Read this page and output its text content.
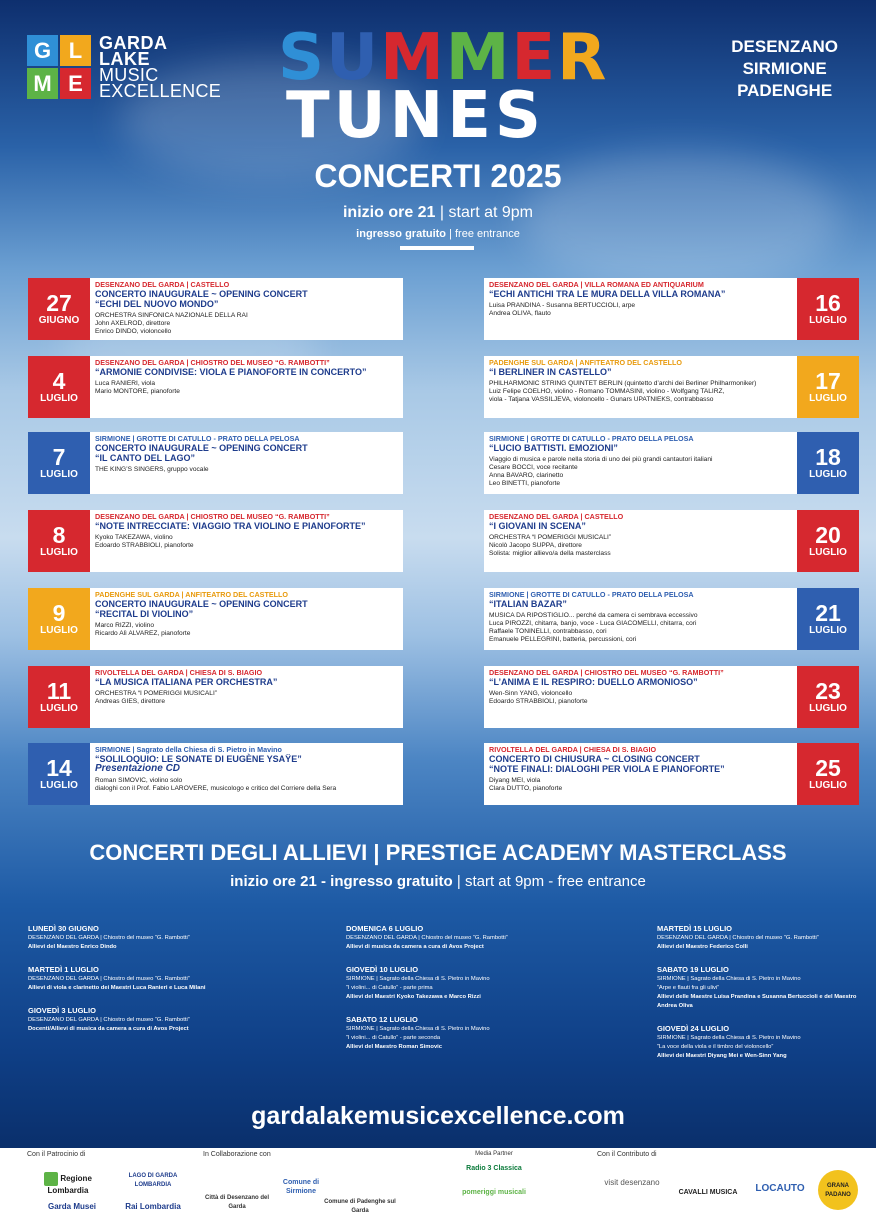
G L
M E
GARDA
LAKE
MUSIC
EXCELLENCE SUMMER
TUNES
DESENZANO
SIRMIONE
PADENGHE
CONCERTI 2025
inizio ore 21 | start at 9pm
ingresso gratuito | free entrance
27
GIUGNO
DESENZANO DEL GARDA | CASTELLO
CONCERTO INAUGURALE ~ OPENING CONCERT
“ECHI DEL NUOVO MONDO”
ORCHESTRA SINFONICA NAZIONALE DELLA RAI
John AXELROD, direttore
Enrico DINDO, violoncello
4
LUGLIO
DESENZANO DEL GARDA | CHIOSTRO DEL MUSEO “G. RAMBOTTI”
“ARMONIE CONDIVISE: VIOLA E PIANOFORTE IN CONCERTO”
Luca RANIERI, viola
Mario MONTORE, pianoforte
7
LUGLIO
SIRMIONE | GROTTE DI CATULLO - PRATO DELLA PELOSA
CONCERTO INAUGURALE ~ OPENING CONCERT
“IL CANTO DEL LAGO”
THE KING’S SINGERS, gruppo vocale
8
LUGLIO
DESENZANO DEL GARDA | CHIOSTRO DEL MUSEO “G. RAMBOTTI”
“NOTE INTRECCIATE: VIAGGIO TRA VIOLINO E PIANOFORTE”
Kyoko TAKEZAWA, violino
Edoardo STRABBIOLI, pianoforte
9
LUGLIO
PADENGHE SUL GARDA | ANFITEATRO DEL CASTELLO
CONCERTO INAUGURALE ~ OPENING CONCERT
“RECITAL DI VIOLINO”
Marco RIZZI, violino
Ricardo Alì ALVAREZ, pianoforte
11
LUGLIO
RIVOLTELLA DEL GARDA | CHIESA DI S. BIAGIO
“LA MUSICA ITALIANA PER ORCHESTRA”
ORCHESTRA “I POMERIGGI MUSICALI”
Andreas GIES, direttore
14
LUGLIO
SIRMIONE | Sagrato della Chiesa di S. Pietro in Mavino
“SOLILOQUIO: LE SONATE DI EUGÈNE YSAŸE”
Presentazione CD
Roman SIMOVIC, violino solo
dialoghi con il Prof. Fabio LAROVERE, musicologo e critico del Corriere della Sera
16
LUGLIO
DESENZANO DEL GARDA | VILLA ROMANA ED ANTIQUARIUM
“ECHI ANTICHI TRA LE MURA DELLA VILLA ROMANA”
Luisa PRANDINA - Susanna BERTUCCIOLI, arpe
Andrea OLIVA, flauto
17
LUGLIO
PADENGHE SUL GARDA | ANFITEATRO DEL CASTELLO
“I BERLINER IN CASTELLO”
PHILHARMONIC STRING QUINTET BERLIN (quintetto d’archi dei Berliner Philharmoniker)
Luiz Felipe COELHO, violino - Romano TOMMASINI, violino - Wolfgang TALIRZ,
viola - Tatjana VASSILJEVA, violoncello - Gunars UPATNIEKS, contrabbasso
18
LUGLIO
SIRMIONE | GROTTE DI CATULLO - PRATO DELLA PELOSA
“LUCIO BATTISTI. EMOZIONI”
Viaggio di musica e parole nella storia di uno dei più grandi cantautori italiani
Cesare BOCCI, voce recitante
Anna BAVARO, clarinetto
Leo BINETTI, pianoforte
20
LUGLIO
DESENZANO DEL GARDA | CASTELLO
“I GIOVANI IN SCENA”
ORCHESTRA “I POMERIGGI MUSICALI”
Nicolò Jacopo SUPPA, direttore
Solista: miglior allievo/a della masterclass
21
LUGLIO
SIRMIONE | GROTTE DI CATULLO - PRATO DELLA PELOSA
“ITALIAN BAZAR”
MUSICA DA RIPOSTIGLIO... perché da camera ci sembrava eccessivo
Luca PIROZZI, chitarra, banjo, voce - Luca GIACOMELLI, chitarra, cori
Raffaele TONINELLI, contrabbasso, cori
Emanuele PELLEGRINI, batteria, percussioni, cori
23
LUGLIO
DESENZANO DEL GARDA | CHIOSTRO DEL MUSEO “G. RAMBOTTI”
“L’ANIMA E IL RESPIRO: DUELLO ARMONIOSO”
Wen-Sinn YANG, violoncello
Edoardo STRABBIOLI, pianoforte
25
LUGLIO
RIVOLTELLA DEL GARDA | CHIESA DI S. BIAGIO
CONCERTO DI CHIUSURA ~ CLOSING CONCERT
“NOTE FINALI: DIALOGHI PER VIOLA E PIANOFORTE”
Diyang MEI, viola
Clara DUTTO, pianoforte
CONCERTI DEGLI ALLIEVI | PRESTIGE ACADEMY MASTERCLASS
inizio ore 21 - ingresso gratuito | start at 9pm - free entrance
LUNEDÌ 30 GIUGNO
DESENZANO DEL GARDA | Chiostro del museo “G. Rambotti”
Allievi del Maestro Enrico Dindo
MARTEDÌ 1 LUGLIO
DESENZANO DEL GARDA | Chiostro del museo “G. Rambotti”
Allievi di viola e clarinetto dei Maestri Luca Ranieri e Luca Milani
GIOVEDÌ 3 LUGLIO
DESENZANO DEL GARDA | Chiostro del museo “G. Rambotti”
Docenti/Allievi di musica da camera a cura di Avos Project
DOMENICA 6 LUGLIO
DESENZANO DEL GARDA | Chiostro del museo “G. Rambotti”
Allievi di musica da camera a cura di Avos Project
GIOVEDÌ 10 LUGLIO
SIRMIONE | Sagrato della Chiesa di S. Pietro in Mavino
“I violini... di Catullo” - parte prima
Allievi del Maestri Kyoko Takezawa e Marco Rizzi
SABATO 12 LUGLIO
SIRMIONE | Sagrato della Chiesa di S. Pietro in Mavino
“I violini... di Catullo” - parte seconda
Allievi del Maestro Roman Simovic
MARTEDÌ 15 LUGLIO
DESENZANO DEL GARDA | Chiostro del museo “G. Rambotti”
Allievi del Maestro Federico Colli
SABATO 19 LUGLIO
SIRMIONE | Sagrato della Chiesa di S. Pietro in Mavino
“Arpe e flauti fra gli ulivi”
Allievi delle Maestre Luisa Prandina e Susanna Bertuccioli e del Maestro Andrea Oliva
GIOVEDÌ 24 LUGLIO
SIRMIONE | Sagrato della Chiesa di S. Pietro in Mavino
“La voce della viola e il timbro del violoncello”
Allievi dei Maestri Diyang Mei e Wen-Sinn Yang
gardalakemusicexcellence.com
Con il Patrocinio di	In Collaborazione con	Con il Contributo di
Regione Lombardia
LAGO DI GARDA LOMBARDIA
Garda Musei	Rai Lombardia
Città di Desenzano del Garda
Comune di Sirmione
Comune di Padenghe sul Garda
Media Partner
Radio 3 Classica
pomeriggi musicali
visit desenzano
CAVALLI MUSICA	LOCAUTO	GRANA PADANO
